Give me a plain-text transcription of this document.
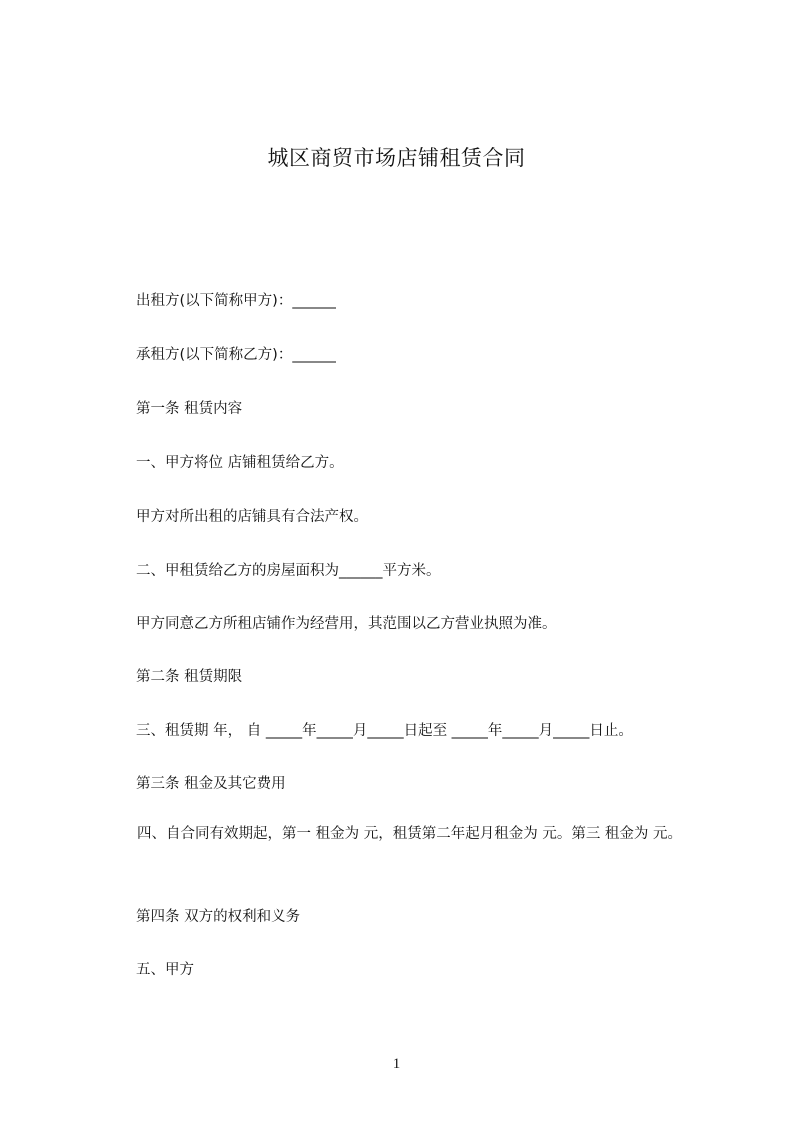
城区商贸市场店铺租赁合同
出租方(以下简称甲方)：______
承租方(以下简称乙方)：______
第一条 租赁内容
一、甲方将位 店铺租赁给乙方。
甲方对所出租的店铺具有合法产权。
二、甲租赁给乙方的房屋面积为______平方米。
甲方同意乙方所租店铺作为经营用，其范围以乙方营业执照为准。
第二条 租赁期限
三、租赁期 年， 自 _____年_____月_____日起至 _____年_____月_____日止。
第三条 租金及其它费用
四、自合同有效期起，第一 租金为 元，租赁第二年起月租金为 元。第三 租金为 元。
第四条 双方的权利和义务
五、甲方
1
